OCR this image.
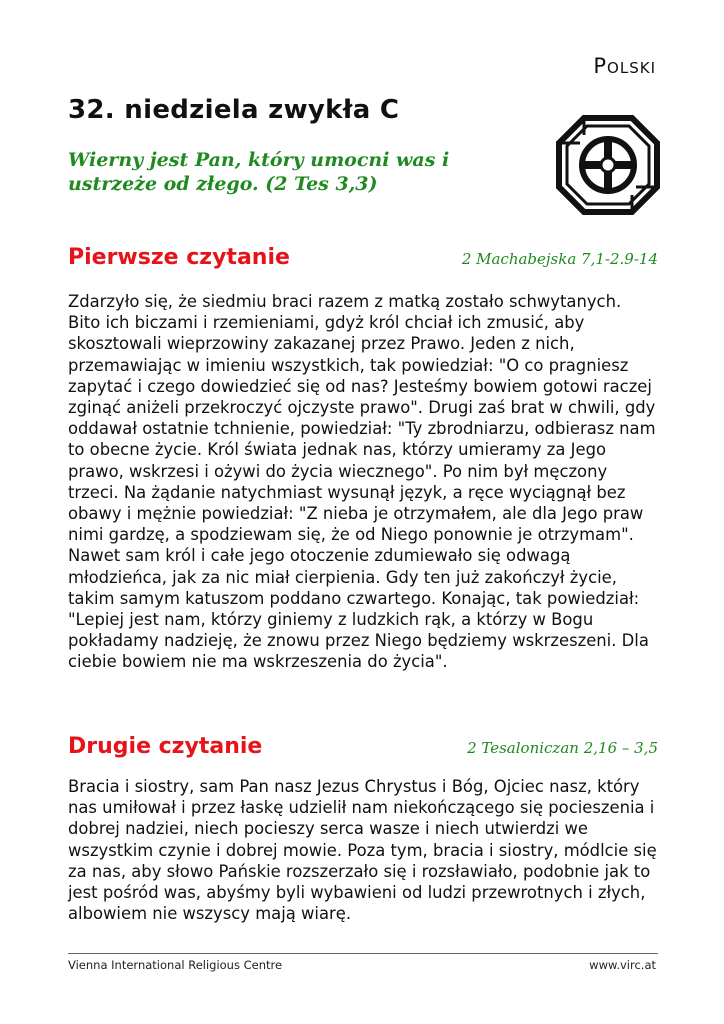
Polski
32. niedziela zwykła C

Wierny jest Pan, który umocni was i ustrzeże od złego. (2 Tes 3,3)

Pierwsze czytanie	2 Machabejska 7,1-2.9-14

Zdarzyło się, że siedmiu braci razem z matką zostało schwytanych. Bito ich biczami i rzemieniami, gdyż król chciał ich zmusić, aby skosztowali wieprzowiny zakazanej przez Prawo. Jeden z nich, przemawiając w imieniu wszystkich, tak powiedział: "O co pragniesz zapytać i czego dowiedzieć się od nas? Jesteśmy bowiem gotowi raczej zginąć aniżeli przekroczyć ojczyste prawo". Drugi zaś brat w chwili, gdy oddawał ostatnie tchnienie, powiedział: "Ty zbrodniarzu, odbierasz nam to obecne życie. Król świata jednak nas, którzy umieramy za Jego prawo, wskrzesi i ożywi do życia wiecznego". Po nim był męczony trzeci. Na żądanie natychmiast wysunął język, a ręce wyciągnął bez obawy i mężnie powiedział: "Z nieba je otrzymałem, ale dla Jego praw nimi gardzę, a spodziewam się, że od Niego ponownie je otrzymam". Nawet sam król i całe jego otoczenie zdumiewało się odwagą młodzieńca, jak za nic miał cierpienia. Gdy ten już zakończył życie, takim samym katuszom poddano czwartego. Konając, tak powiedział: "Lepiej jest nam, którzy giniemy z ludzkich rąk, a którzy w Bogu pokładamy nadzieję, że znowu przez Niego będziemy wskrzeszeni. Dla ciebie bowiem nie ma wskrzeszenia do życia".

Drugie czytanie	2 Tesaloniczan 2,16 – 3,5

Bracia i siostry, sam Pan nasz Jezus Chrystus i Bóg, Ojciec nasz, który nas umiłował i przez łaskę udzielił nam niekończącego się pocieszenia i dobrej nadziei, niech pocieszy serca wasze i niech utwierdzi we wszystkim czynie i dobrej mowie. Poza tym, bracia i siostry, módlcie się za nas, aby słowo Pańskie rozszerzało się i rozsławiało, podobnie jak to jest pośród was, abyśmy byli wybawieni od ludzi przewrotnych i złych, albowiem nie wszyscy mają wiarę.

Vienna International Religious Centre	www.virc.at
